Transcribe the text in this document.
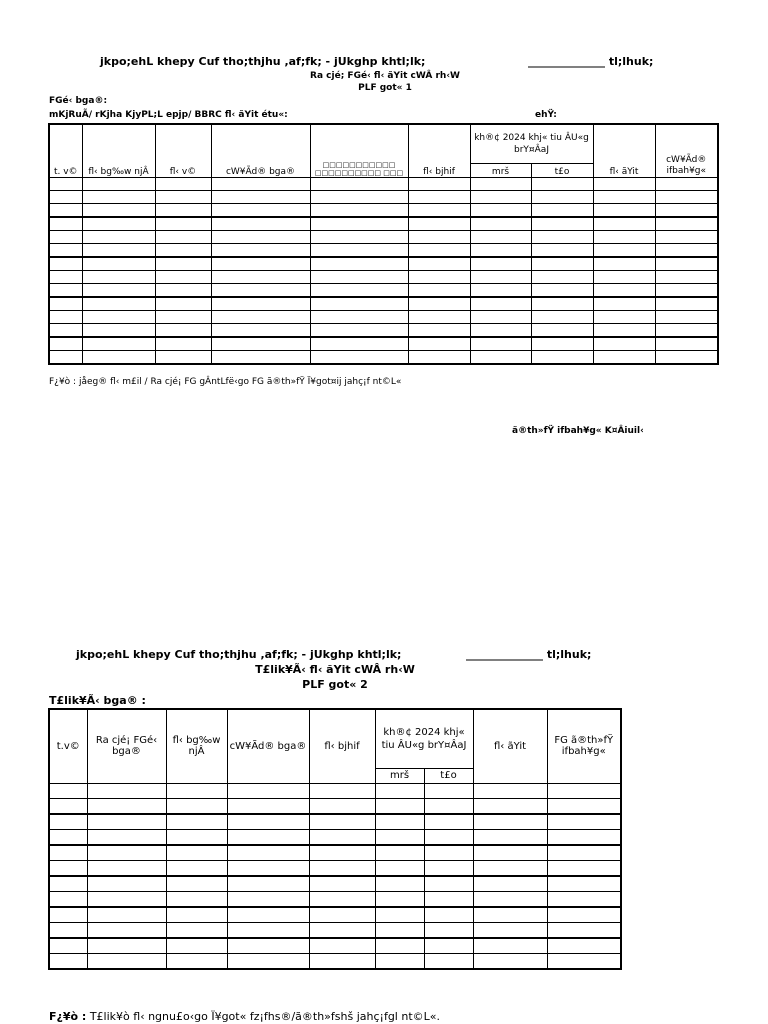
jkpo;ehL khepy Cuf tho;thjhu ,af;fk; - jUkghp khtl;lk;	______________ tl;lhuk;
Ra cjé; FGé‹ fl‹ ãYit cWÂ rh‹W
PLF got« 1
FGé‹ bga®:
mKjRuÃ/ rKjha KjyPL;L epjp/ BBRC fl‹ ãYit étu«:	ehŸ:
t. v©	fl‹ bg‰w njÂ	fl‹ v©	cW¥Ãd® bga®	□□□□□□□□□□□ □□□□□□□□□□ □□□	fl‹ bjhif	kh®¢ 2024 khj« tiu ÂU«g brY¤ÂaJ		fl‹ ãYit	cW¥Ãd® ifbah¥g«
						mrš	t£o		

F¿¥ò : jåeg® fl‹ m£il / Ra cjé¡ FG gÂntLfë‹go FG ã®th»fŸ Ï¥got¤ij jahç¡f nt©L«
ã®th»fŸ ifbah¥g« K¤Âiuil‹
jkpo;ehL khepy Cuf tho;thjhu ,af;fk; - jUkghp khtl;lk;	______________ tl;lhuk;
T£lik¥Ã‹ fl‹ ãYit cWÂ rh‹W
PLF got« 2
T£lik¥Ã‹ bga® :
t.v©	Ra cjé¡ FGé‹ bga®	fl‹ bg‰w njÂ	cW¥Ãd® bga®	fl‹ bjhif	kh®¢ 2024 khj« tiu ÂU«g brY¤ÂaJ		fl‹ ãYit	FG ã®th»fŸ ifbah¥g«
					mrš	t£o		

F¿¥ò : T£lik¥ò fl‹ ngnu£o‹go Ï¥got« fz¡fhs®/ã®th»fshš jahç¡fgl nt©L«.
